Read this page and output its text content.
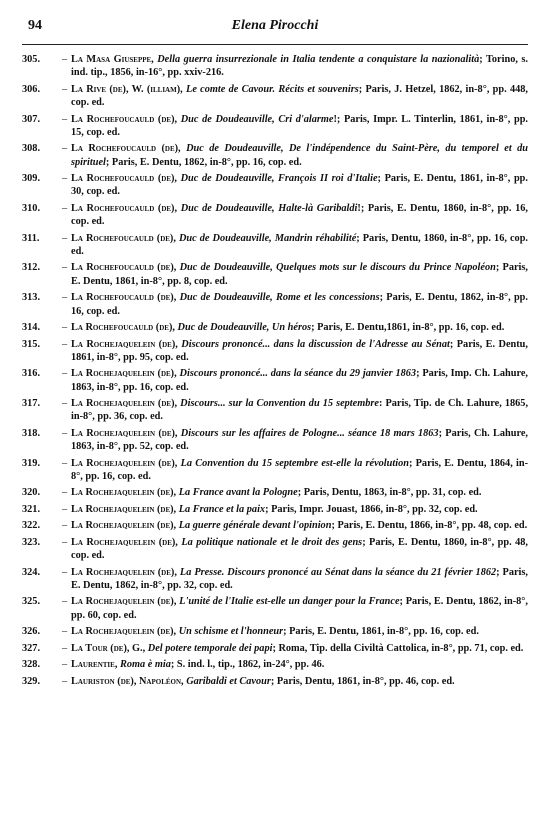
94	Elena Pirocchi
305.	– La Masa Giuseppe, Della guerra insurrezionale in Italia tendente a conquistare la nazionalità; Torino, s. ind. tip., 1856, in-16°, pp. xxiv-216.
306.	– La Rive (de), W. (illiam), Le comte de Cavour. Récits et souvenirs; Paris, J. Hetzel, 1862, in-8°, pp. 448, cop. ed.
307.	– La Rochefoucauld (de), Duc de Doudeauville, Cri d'alarme!; Paris, Impr. L. Tinterlin, 1861, in-8°, pp. 15, cop. ed.
308.	– La Rochefoucauld (de), Duc de Doudeauville, De l'indépendence du Saint-Père, du temporel et du spirituel; Paris, E. Dentu, 1862, in-8°, pp. 16, cop. ed.
309.	– La Rochefoucauld (de), Duc de Doudeauville, François II roi d'Italie; Paris, E. Dentu, 1861, in-8°, pp. 30, cop. ed.
310.	– La Rochefoucauld (de), Duc de Doudeauville, Halte-là Garibaldi!; Paris, E. Dentu, 1860, in-8°, pp. 16, cop. ed.
311.	– La Rochefoucauld (de), Duc de Doudeauville, Mandrin réhabilité; Paris, Dentu, 1860, in-8°, pp. 16, cop. ed.
312.	– La Rochefoucauld (de), Duc de Doudeauville, Quelques mots sur le discours du Prince Napoléon; Paris, E. Dentu, 1861, in-8°, pp. 8, cop. ed.
313.	– La Rochefoucauld (de), Duc de Doudeauville, Rome et les concessions; Paris, E. Dentu, 1862, in-8°, pp. 16, cop. ed.
314.	– La Rochefoucauld (de), Duc de Doudeauville, Un héros; Paris, E. Dentu,1861, in-8°, pp. 16, cop. ed.
315.	– La Rochejaquelein (de), Discours prononcé... dans la discussion de l'Adresse au Sénat; Paris, E. Dentu, 1861, in-8°, pp. 95, cop. ed.
316.	– La Rochejaquelein (de), Discours prononcé... dans la séance du 29 janvier 1863; Paris, Imp. Ch. Lahure, 1863, in-8°, pp. 16, cop. ed.
317.	– La Rochejaquelein (de), Discours... sur la Convention du 15 septembre: Paris, Tip. de Ch. Lahure, 1865, in-8°, pp. 36, cop. ed.
318.	– La Rochejaquelein (de), Discours sur les affaires de Pologne... séance 18 mars 1863; Paris, Ch. Lahure, 1863, in-8°, pp. 52, cop. ed.
319.	– La Rochejaquelein (de), La Convention du 15 septembre est-elle la révolution; Paris, E. Dentu, 1864, in-8°, pp. 16, cop. ed.
320.	– La Rochejaquelein (de), La France avant la Pologne; Paris, Dentu, 1863, in-8°, pp. 31, cop. ed.
321.	– La Rochejaquelein (de), La France et la paix; Paris, Impr. Jouast, 1866, in-8°, pp. 32, cop. ed.
322.	– La Rochejaquelein (de), La guerre générale devant l'opinion; Paris, E. Dentu, 1866, in-8°, pp. 48, cop. ed.
323.	– La Rochejaquelein (de), La politique nationale et le droit des gens; Paris, E. Dentu, 1860, in-8°, pp. 48, cop. ed.
324.	– La Rochejaquelein (de), La Presse. Discours prononcé au Sénat dans la séance du 21 février 1862; Paris, E. Dentu, 1862, in-8°, pp. 32, cop. ed.
325.	– La Rochejaquelein (de), L'unité de l'Italie est-elle un danger pour la France; Paris, E. Dentu, 1862, in-8°, pp. 60, cop. ed.
326.	– La Rochejaquelein (de), Un schisme et l'honneur; Paris, E. Dentu, 1861, in-8°, pp. 16, cop. ed.
327.	– La Tour (de), G., Del potere temporale dei papi; Roma, Tip. della Civiltà Cattolica, in-8°, pp. 71, cop. ed.
328.	– Laurentie, Roma è mia; S. ind. l., tip., 1862, in-24°, pp. 46.
329.	– Lauriston (de), Napoléon, Garibaldi et Cavour; Paris, Dentu, 1861, in-8°, pp. 46, cop. ed.
